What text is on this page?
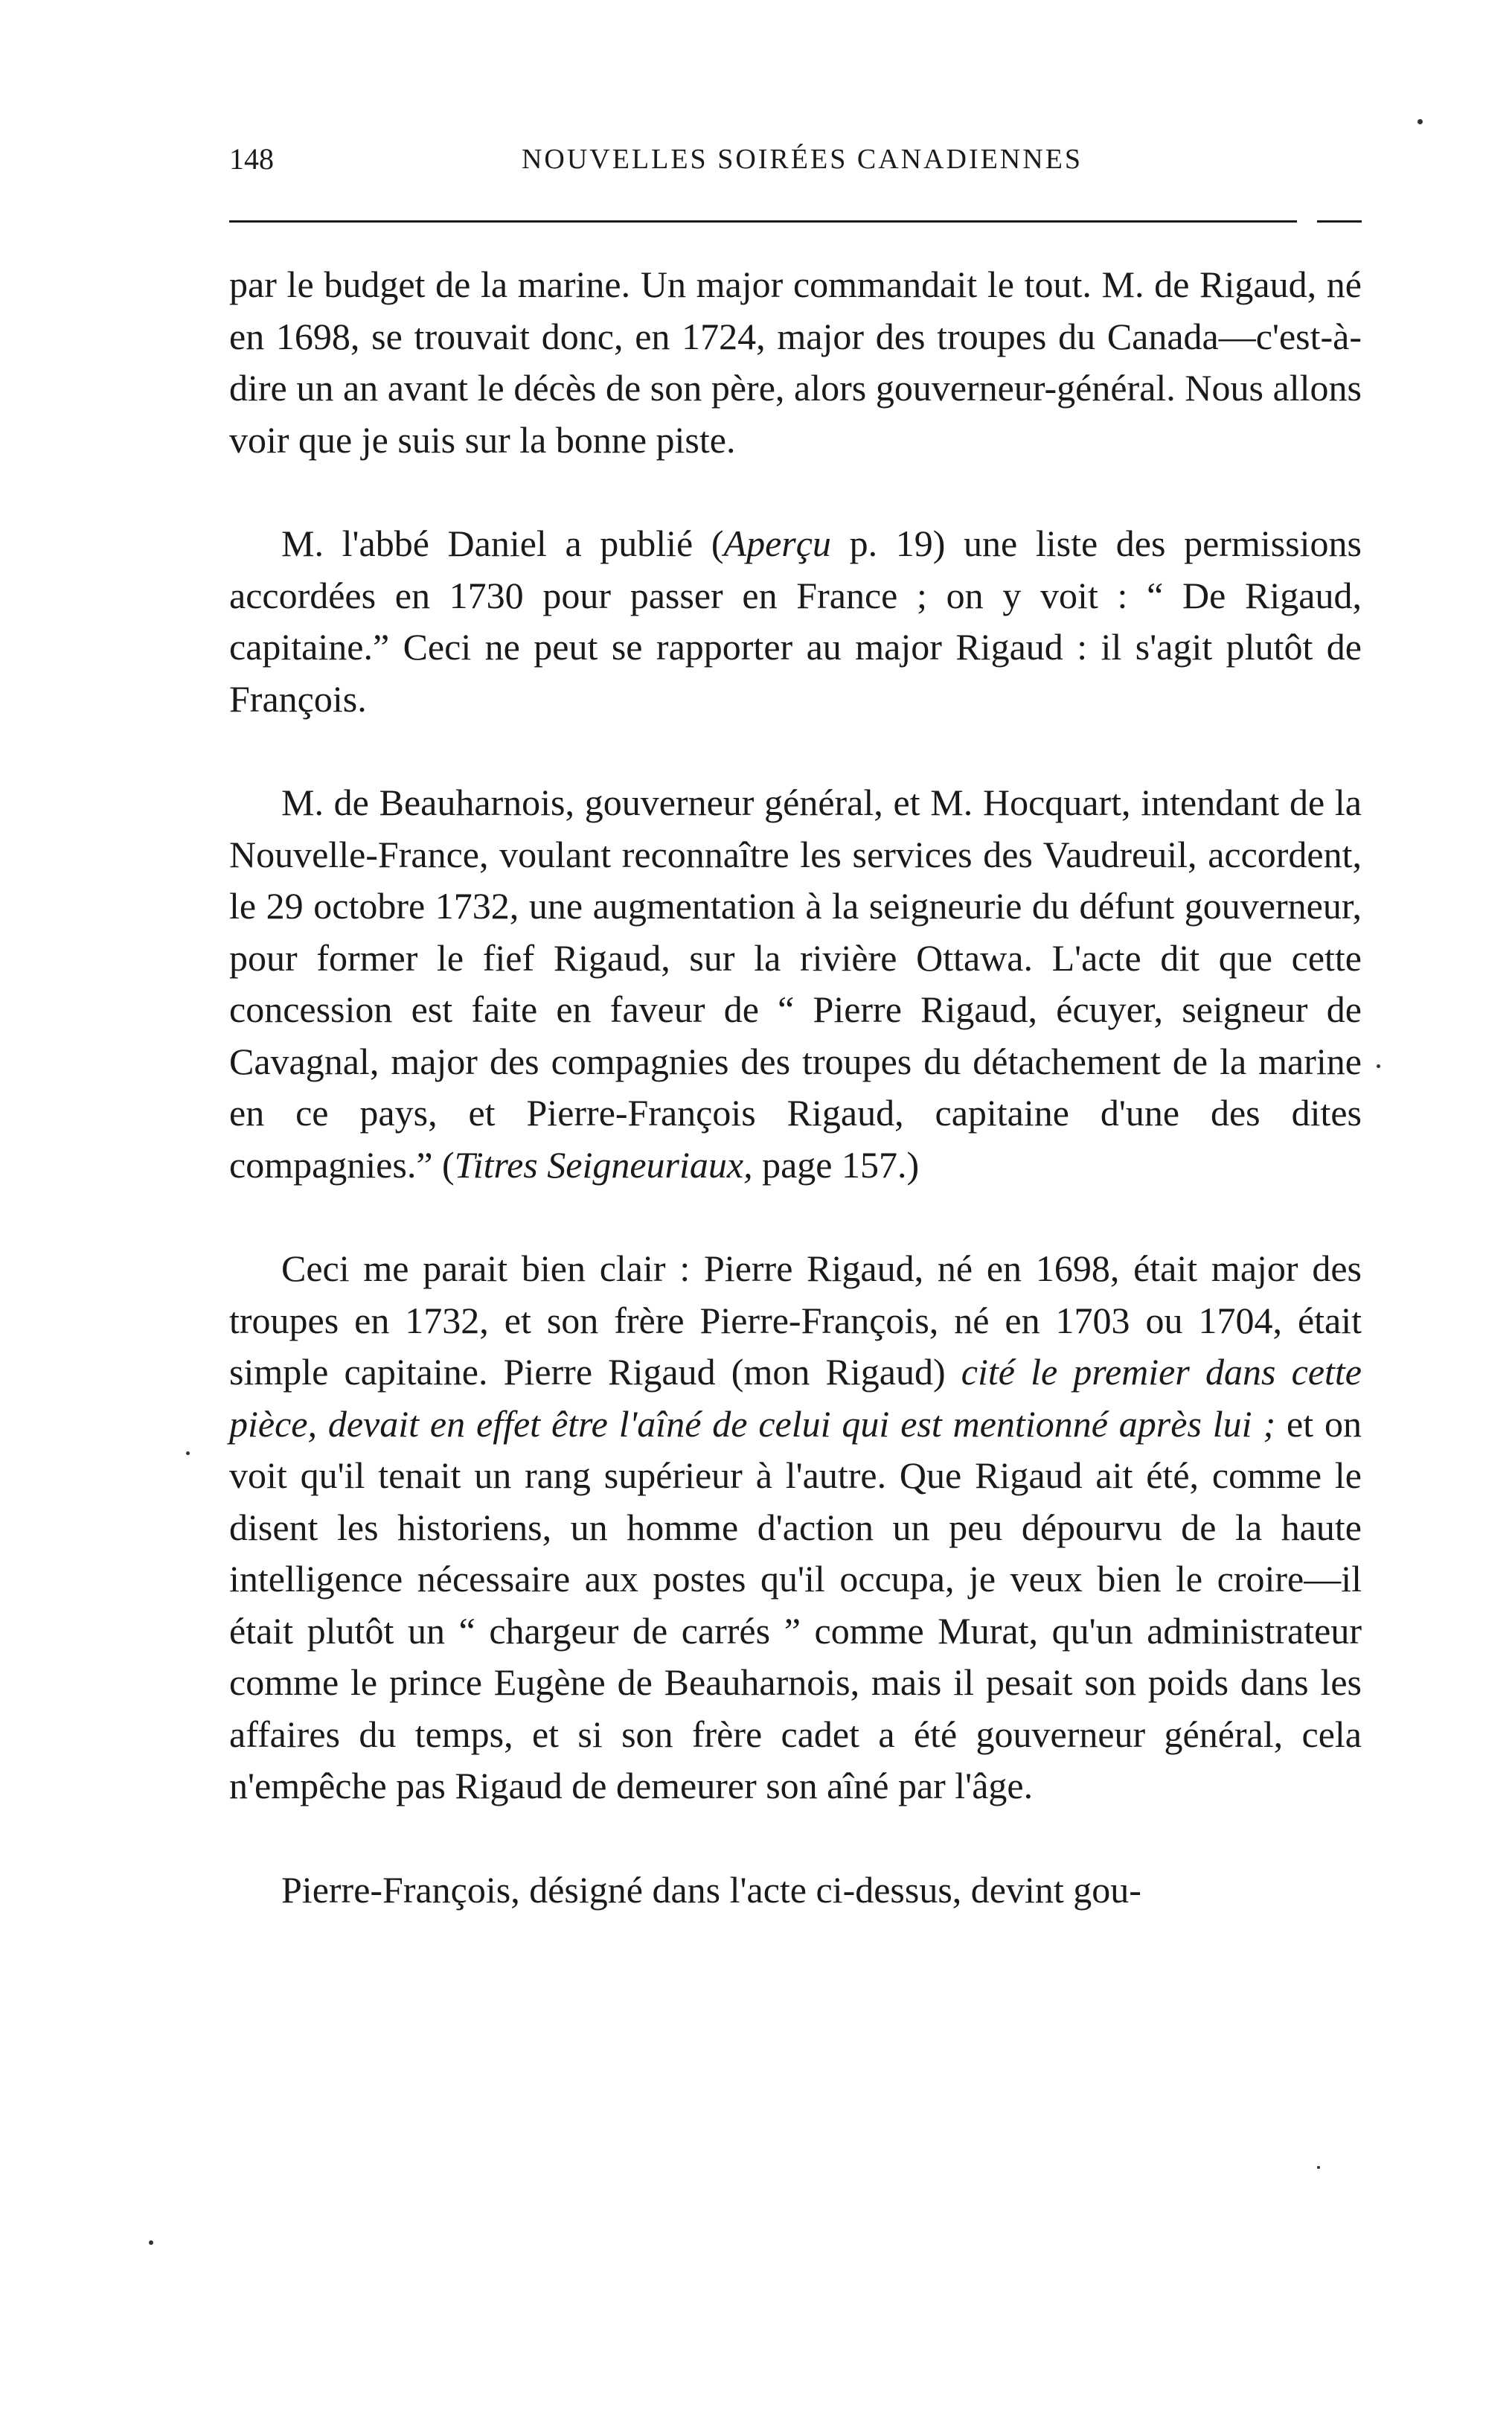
148	NOUVELLES SOIRÉES CANADIENNES

par le budget de la marine. Un major commandait le tout. M. de Rigaud, né en 1698, se trouvait donc, en 1724, major des troupes du Canada—c'est-à-dire un an avant le décès de son père, alors gouverneur-général. Nous allons voir que je suis sur la bonne piste.

M. l'abbé Daniel a publié (Aperçu p. 19) une liste des permissions accordées en 1730 pour passer en France ; on y voit : “ De Rigaud, capitaine.” Ceci ne peut se rapporter au major Rigaud : il s'agit plutôt de François.

M. de Beauharnois, gouverneur général, et M. Hocquart, intendant de la Nouvelle-France, voulant reconnaître les services des Vaudreuil, accordent, le 29 octobre 1732, une augmentation à la seigneurie du défunt gouverneur, pour former le fief Rigaud, sur la rivière Ottawa. L'acte dit que cette concession est faite en faveur de “ Pierre Rigaud, écuyer, seigneur de Cavagnal, major des compagnies des troupes du détachement de la marine en ce pays, et Pierre-François Rigaud, capitaine d'une des dites compagnies.” (Titres Seigneuriaux, page 157.)

Ceci me parait bien clair : Pierre Rigaud, né en 1698, était major des troupes en 1732, et son frère Pierre-François, né en 1703 ou 1704, était simple capitaine. Pierre Rigaud (mon Rigaud) cité le premier dans cette pièce, devait en effet être l'aîné de celui qui est mentionné après lui ; et on voit qu'il tenait un rang supérieur à l'autre. Que Rigaud ait été, comme le disent les historiens, un homme d'action un peu dépourvu de la haute intelligence nécessaire aux postes qu'il occupa, je veux bien le croire—il était plutôt un “ chargeur de carrés ” comme Murat, qu'un administrateur comme le prince Eugène de Beauharnois, mais il pesait son poids dans les affaires du temps, et si son frère cadet a été gouverneur général, cela n'empêche pas Rigaud de demeurer son aîné par l'âge.

Pierre-François, désigné dans l'acte ci-dessus, devint gou-
